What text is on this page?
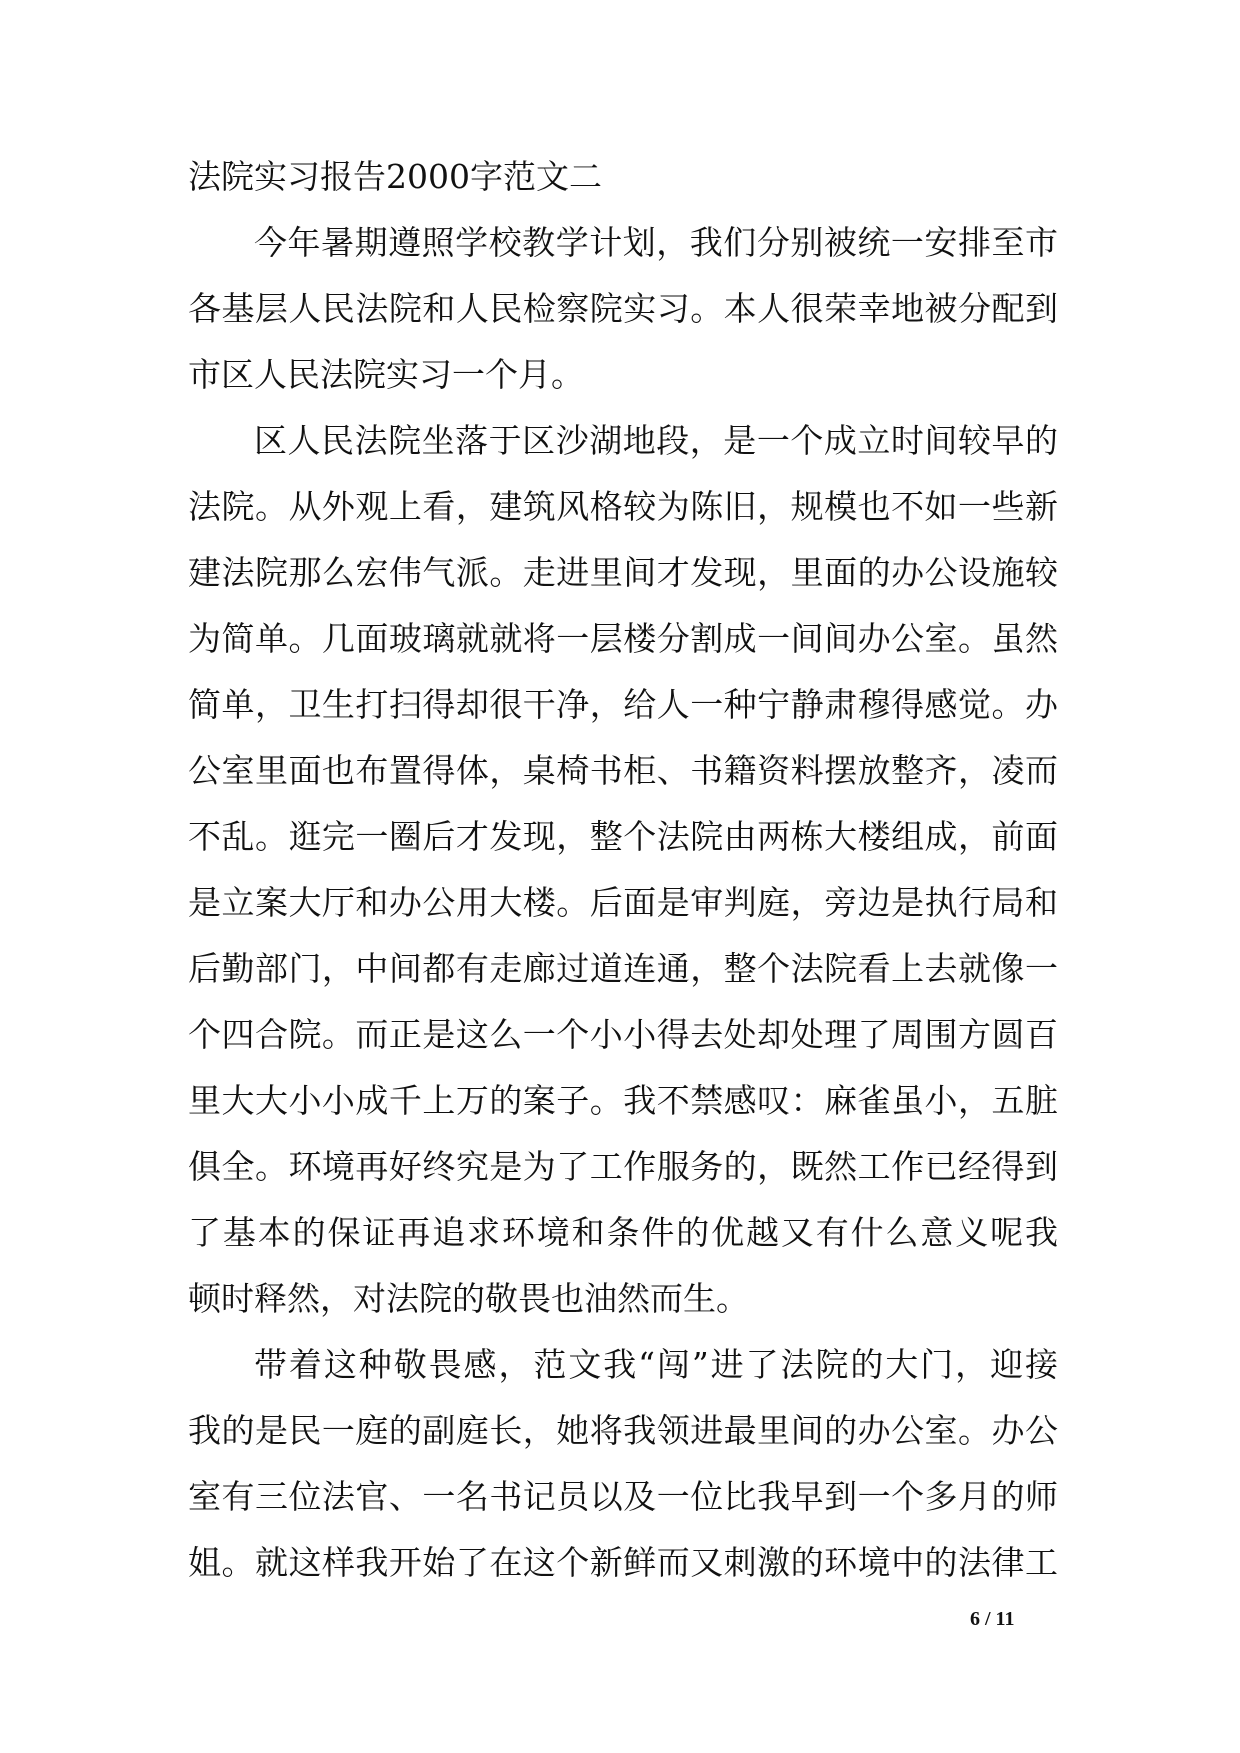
法院实习报告2000字范文二
今年暑期遵照学校教学计划，我们分别被统一安排至市
各基层人民法院和人民检察院实习。本人很荣幸地被分配到
市区人民法院实习一个月。
区人民法院坐落于区沙湖地段，是一个成立时间较早的
法院。从外观上看，建筑风格较为陈旧，规模也不如一些新
建法院那么宏伟气派。走进里间才发现，里面的办公设施较
为简单。几面玻璃就就将一层楼分割成一间间办公室。虽然
简单，卫生打扫得却很干净，给人一种宁静肃穆得感觉。办
公室里面也布置得体，桌椅书柜、书籍资料摆放整齐，凌而
不乱。逛完一圈后才发现，整个法院由两栋大楼组成，前面
是立案大厅和办公用大楼。后面是审判庭，旁边是执行局和
后勤部门，中间都有走廊过道连通，整个法院看上去就像一
个四合院。而正是这么一个小小得去处却处理了周围方圆百
里大大小小成千上万的案子。我不禁感叹：麻雀虽小，五脏
俱全。环境再好终究是为了工作服务的，既然工作已经得到
了基本的保证再追求环境和条件的优越又有什么意义呢我
顿时释然，对法院的敬畏也油然而生。
带着这种敬畏感，范文我“闯”进了法院的大门，迎接
我的是民一庭的副庭长，她将我领进最里间的办公室。办公
室有三位法官、一名书记员以及一位比我早到一个多月的师
姐。就这样我开始了在这个新鲜而又刺激的环境中的法律工
6 / 11
